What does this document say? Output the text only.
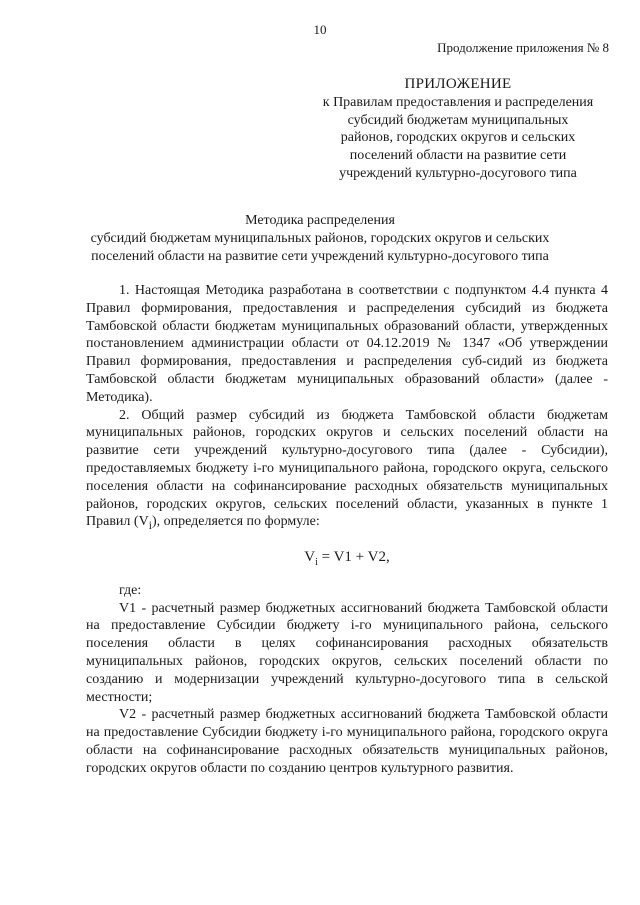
10
Продолжение приложения № 8
ПРИЛОЖЕНИЕ
к Правилам предоставления и распределения
субсидий бюджетам муниципальных
районов, городских округов и сельских
поселений области на развитие сети
учреждений культурно-досугового типа
Методика распределения
субсидий бюджетам муниципальных районов, городских округов и сельских
поселений области на развитие сети учреждений культурно-досугового типа

1. Настоящая Методика разработана в соответствии с подпунктом 4.4 пункта 4 Правил формирования, предоставления и распределения субсидий из бюджета Тамбовской области бюджетам муниципальных образований области, утвержденных постановлением администрации области от 04.12.2019 № 1347 «Об утверждении Правил формирования, предоставления и распределения суб-сидий из бюджета Тамбовской области бюджетам муниципальных образований области» (далее - Методика).

2. Общий размер субсидий из бюджета Тамбовской области бюджетам муниципальных районов, городских округов и сельских поселений области на развитие сети учреждений культурно-досугового типа (далее - Субсидии), предоставляемых бюджету i-го муниципального района, городского округа, сельского поселения области на софинансирование расходных обязательств муниципальных районов, городских округов, сельских поселений области, указанных в пункте 1 Правил $(V_i)$, определяется по формуле:

$V_i = V1 + V2$,

где:

V1 - расчетный размер бюджетных ассигнований бюджета Тамбовской области на предоставление Субсидии бюджету i-го муниципального района, сельского поселения области в целях софинансирования расходных обязательств муниципальных районов, городских округов, сельских поселений области по созданию и модернизации учреждений культурно-досугового типа в сельской местности;

V2 - расчетный размер бюджетных ассигнований бюджета Тамбовской области на предоставление Субсидии бюджету i-го муниципального района, городского округа области на софинансирование расходных обязательств муниципальных районов, городских округов области по созданию центров культурного развития.
